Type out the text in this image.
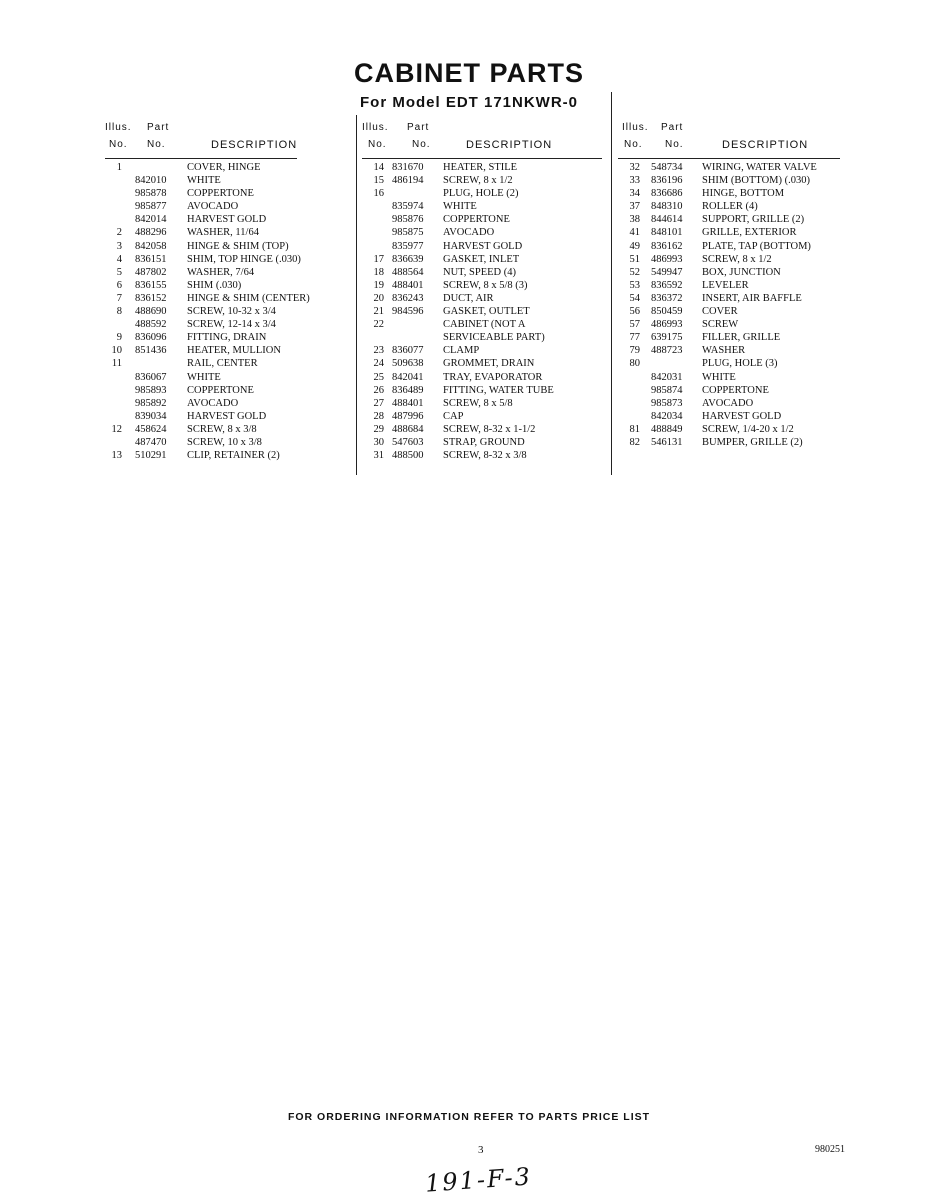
CABINET PARTS
For Model EDT 171NKWR-0
Illus. Part
No. No.	DESCRIPTION
1	COVER, HINGE
842010 WHITE
985878 COPPERTONE
985877 AVOCADO
842014 HARVEST GOLD
2 488296 WASHER, 11/64
3 842058 HINGE & SHIM (TOP)
4 836151 SHIM, TOP HINGE (.030)
5 487802 WASHER, 7/64
6 836155 SHIM (.030)
7 836152 HINGE & SHIM (CENTER)
8 488690 SCREW, 10-32 x 3/4
488592 SCREW, 12-14 x 3/4
9 836096 FITTING, DRAIN
10 851436 HEATER, MULLION
11	RAIL, CENTER
836067 WHITE
985893 COPPERTONE
985892 AVOCADO
839034 HARVEST GOLD
12 458624 SCREW, 8 x 3/8
487470 SCREW, 10 x 3/8
13 510291 CLIP, RETAINER (2)
Illus. Part
No.	No.	DESCRIPTION
14 831670 HEATER, STILE
15 486194 SCREW, 8 x 1/2
16	PLUG, HOLE (2)
835974 WHITE
985876 COPPERTONE
985875 AVOCADO
835977 HARVEST GOLD
17 836639 GASKET, INLET
18 488564 NUT, SPEED (4)
19 488401 SCREW, 8 x 5/8 (3)
20 836243 DUCT, AIR
21 984596 GASKET, OUTLET
22	CABINET (NOT A
SERVICEABLE PART)
23 836077 CLAMP
24 509638 GROMMET, DRAIN
25 842041 TRAY, EVAPORATOR
26 836489 FITTING, WATER TUBE
27 488401 SCREW, 8 x 5/8
28 487996 CAP
29 488684 SCREW, 8-32 x 1-1/2
30 547603 STRAP, GROUND
31 488500 SCREW, 8-32 x 3/8
Illus. Part
No. No.	DESCRIPTION
32 548734 WIRING, WATER VALVE
33 836196 SHIM (BOTTOM) (.030)
34 836686 HINGE, BOTTOM
37 848310 ROLLER (4)
38 844614 SUPPORT, GRILLE (2)
41 848101 GRILLE, EXTERIOR
49 836162 PLATE, TAP (BOTTOM)
51 486993 SCREW, 8 x 1/2
52 549947 BOX, JUNCTION
53 836592 LEVELER
54 836372 INSERT, AIR BAFFLE
56 850459 COVER
57 486993 SCREW
77 639175 FILLER, GRILLE
79 488723 WASHER
80	PLUG, HOLE (3)
842031 WHITE
985874 COPPERTONE
985873 AVOCADO
842034 HARVEST GOLD
81 488849 SCREW, 1/4-20 x 1/2
82 546131 BUMPER, GRILLE (2)
FOR ORDERING INFORMATION REFER TO PARTS PRICE LIST
3	980251
191-F-3
